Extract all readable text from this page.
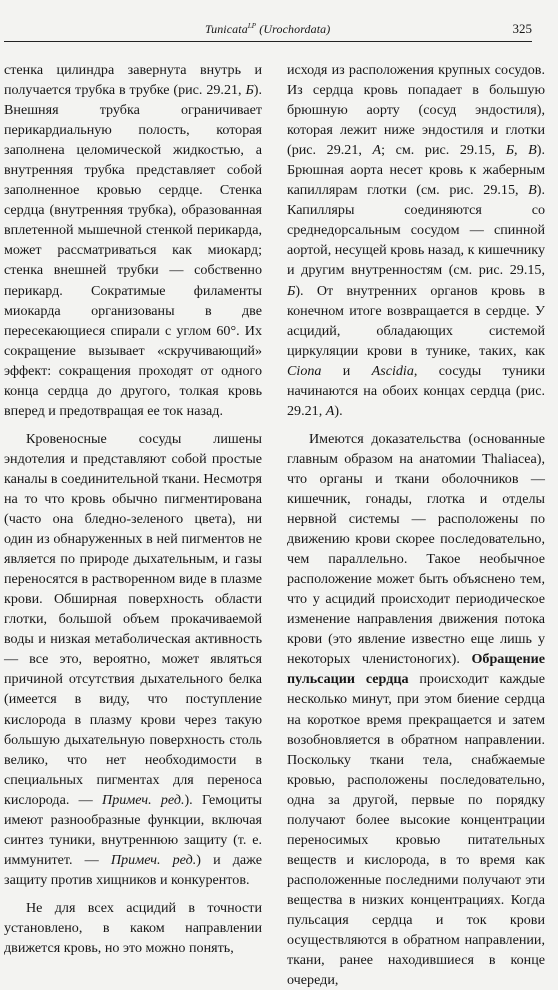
Tunicata$^{LP}$ (Urochordata)	325

стенка цилиндра завернута внутрь и получается трубка в трубке (рис. 29.21, Б). Внешняя трубка ограничивает перикардиальную полость, которая заполнена целомической жидкостью, а внутренняя трубка представляет собой заполненное кровью сердце. Стенка сердца (внутренняя трубка), образованная вплетенной мышечной стенкой перикарда, может рассматриваться как миокард; стенка внешней трубки — собственно перикард. Сократимые филаменты миокарда организованы в две пересекающиеся спирали с углом 60°. Их сокращение вызывает «скручивающий» эффект: сокращения проходят от одного конца сердца до другого, толкая кровь вперед и предотвращая ее ток назад.

Кровеносные сосуды лишены эндотелия и представляют собой простые каналы в соединительной ткани. Несмотря на то что кровь обычно пигментирована (часто она бледно-зеленого цвета), ни один из обнаруженных в ней пигментов не является по природе дыхательным, и газы переносятся в растворенном виде в плазме крови. Обширная поверхность области глотки, большой объем прокачиваемой воды и низкая метаболическая активность — все это, вероятно, может являться причиной отсутствия дыхательного белка (имеется в виду, что поступление кислорода в плазму крови через такую большую дыхательную поверхность столь велико, что нет необходимости в специальных пигментах для переноса кислорода. — Примеч. ред.). Гемоциты имеют разнообразные функции, включая синтез туники, внутреннюю защиту (т. е. иммунитет. — Примеч. ред.) и даже защиту против хищников и конкурентов.

Не для всех асцидий в точности установлено, в каком направлении движется кровь, но это можно понять,

исходя из расположения крупных сосудов. Из сердца кровь попадает в большую брюшную аорту (сосуд эндостиля), которая лежит ниже эндостиля и глотки (рис. 29.21, А; см. рис. 29.15, Б, В). Брюшная аорта несет кровь к жаберным капиллярам глотки (см. рис. 29.15, В). Капилляры соединяются со среднедорсальным сосудом — спинной аортой, несущей кровь назад, к кишечнику и другим внутренностям (см. рис. 29.15, Б). От внутренних органов кровь в конечном итоге возвращается в сердце. У асцидий, обладающих системой циркуляции крови в тунике, таких, как Ciona и Ascidia, сосуды туники начинаются на обоих концах сердца (рис. 29.21, А).

Имеются доказательства (основанные главным образом на анатомии Thaliacea), что органы и ткани оболочников — кишечник, гонады, глотка и отделы нервной системы — расположены по движению крови скорее последовательно, чем параллельно. Такое необычное расположение может быть объяснено тем, что у асцидий происходит периодическое изменение направления движения потока крови (это явление известно еще лишь у некоторых членистоногих). Обращение пульсации сердца происходит каждые несколько минут, при этом биение сердца на короткое время прекращается и затем возобновляется в обратном направлении. Поскольку ткани тела, снабжаемые кровью, расположены последовательно, одна за другой, первые по порядку получают более высокие концентрации переносимых кровью питательных веществ и кислорода, в то время как расположенные последними получают эти вещества в низких концентрациях. Когда пульсация сердца и ток крови осуществляются в обратном направлении, ткани, ранее находившиеся в конце очереди,
